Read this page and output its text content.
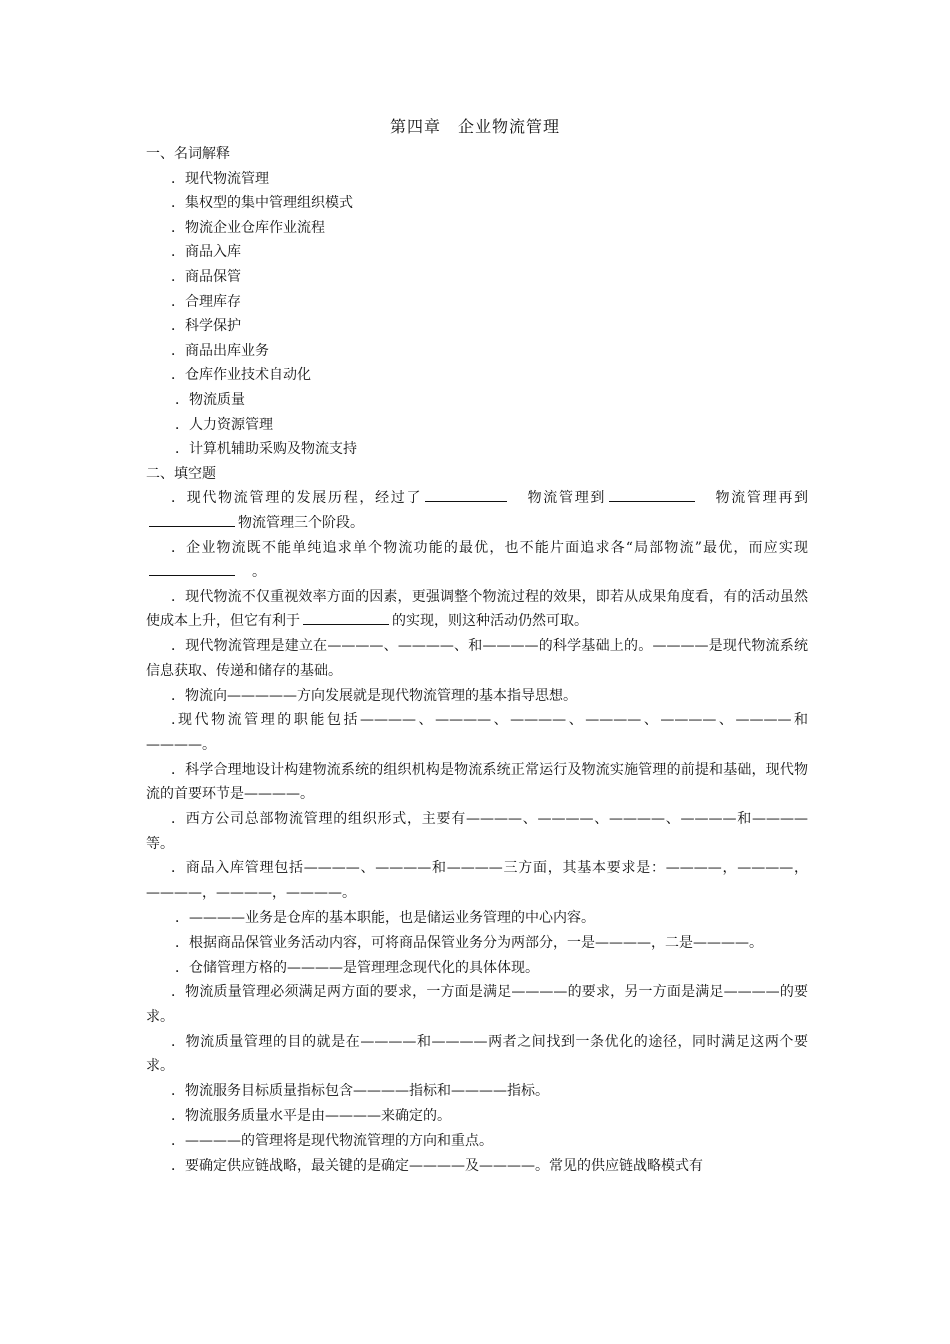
第四章　企业物流管理
一、名词解释
．现代物流管理
．集权型的集中管理组织模式
．物流企业仓库作业流程
．商品入库
．商品保管
．合理库存
．科学保护
．商品出库业务
．仓库作业技术自动化
．物流质量
．人力资源管理
．计算机辅助采购及物流支持
二、填空题

．现代物流管理的发展历程，经过了　	物流管理到　	物流管理再到　物流管理三个阶段。

．企业物流既不能单纯追求单个物流功能的最优，也不能片面追求各“局部物流”最优，而应实现　。

．现代物流不仅重视效率方面的因素，更强调整个物流过程的效果，即若从成果角度看，有的活动虽然使成本上升，但它有利于	的实现，则这种活动仍然可取。

．现代物流管理是建立在————、————、和————的科学基础上的。————是现代物流系统信息获取、传递和储存的基础。

．物流向—————方向发展就是现代物流管理的基本指导思想。

.现代物流管理的职能包括————、————、————、————、————、————和————。

．科学合理地设计构建物流系统的组织机构是物流系统正常运行及物流实施管理的前提和基础，现代物流的首要环节是————。

．西方公司总部物流管理的组织形式，主要有————、————、————、————和————等。

．商品入库管理包括————、————和————三方面，其基本要求是：————，————，————，————，————。

．————业务是仓库的基本职能，也是储运业务管理的中心内容。

．根据商品保管业务活动内容，可将商品保管业务分为两部分，一是————，二是————。

．仓储管理方格的————是管理理念现代化的具体体现。

．物流质量管理必须满足两方面的要求，一方面是满足————的要求，另一方面是满足————的要求。

．物流质量管理的目的就是在————和————两者之间找到一条优化的途径，同时满足这两个要求。

．物流服务目标质量指标包含————指标和————指标。

．物流服务质量水平是由————来确定的。

．————的管理将是现代物流管理的方向和重点。

．要确定供应链战略，最关键的是确定————及————。常见的供应链战略模式有
